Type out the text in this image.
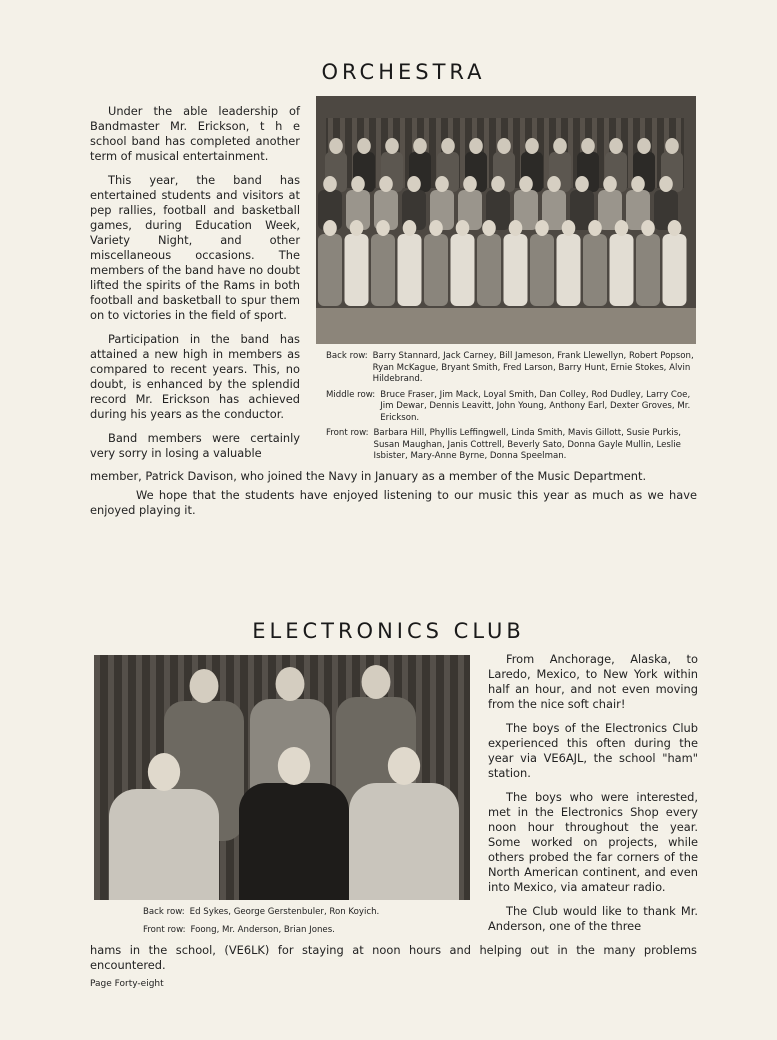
ORCHESTRA

Under the able leadership of Bandmaster Mr. Erickson, t h e school band has completed another term of musical entertainment.

This year, the band has entertained students and visitors at pep rallies, football and basketball games, during Education Week, Variety Night, and other miscellaneous occasions. The members of the band have no doubt lifted the spirits of the Rams in both football and basketball to spur them on to victories in the field of sport.

Participation in the band has attained a new high in members as compared to recent years. This, no doubt, is enhanced by the splendid record Mr. Erickson has achieved during his years as the conductor.

Band members were certainly very sorry in losing a valuable

Back row: Barry Stannard, Jack Carney, Bill Jameson, Frank Llewellyn, Robert Popson, Ryan McKague, Bryant Smith, Fred Larson, Barry Hunt, Ernie Stokes, Alvin Hildebrand.
Middle row: Bruce Fraser, Jim Mack, Loyal Smith, Dan Colley, Rod Dudley, Larry Coe, Jim Dewar, Dennis Leavitt, John Young, Anthony Earl, Dexter Groves, Mr. Erickson.
Front row: Barbara Hill, Phyllis Leffingwell, Linda Smith, Mavis Gillott, Susie Purkis, Susan Maughan, Janis Cottrell, Beverly Sato, Donna Gayle Mullin, Leslie Isbister, Mary-Anne Byrne, Donna Speelman.

member, Patrick Davison, who joined the Navy in January as a member of the Music Department.

We hope that the students have enjoyed listening to our music this year as much as we have enjoyed playing it.

ELECTRONICS CLUB

From Anchorage, Alaska, to Laredo, Mexico, to New York within half an hour, and not even moving from the nice soft chair!

The boys of the Electronics Club experienced this often during the year via VE6AJL, the school "ham" station.

The boys who were interested, met in the Electronics Shop every noon hour throughout the year. Some worked on projects, while others probed the far corners of the North American continent, and even into Mexico, via amateur radio.

The Club would like to thank Mr. Anderson, one of the three

Back row: Ed Sykes, George Gerstenbuler, Ron Koyich.
Front row: Foong, Mr. Anderson, Brian Jones.

hams in the school, (VE6LK) for staying at noon hours and helping out in the many problems encountered.

Page Forty-eight
